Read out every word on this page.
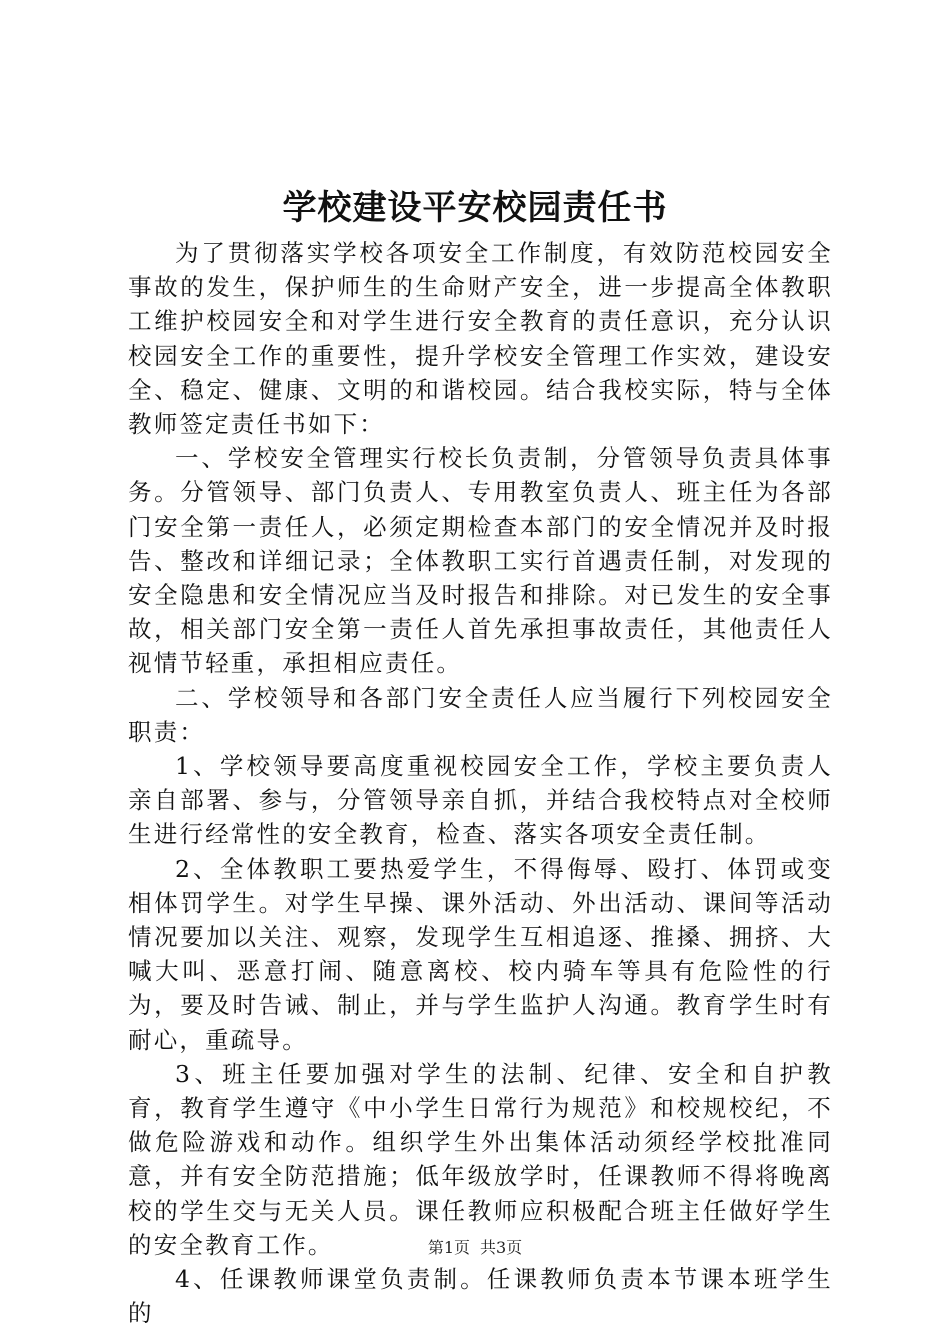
学校建设平安校园责任书

为了贯彻落实学校各项安全工作制度，有效防范校园安全事故的发生，保护师生的生命财产安全，进一步提高全体教职工维护校园安全和对学生进行安全教育的责任意识，充分认识校园安全工作的重要性，提升学校安全管理工作实效，建设安全、稳定、健康、文明的和谐校园。结合我校实际，特与全体教师签定责任书如下：

一、学校安全管理实行校长负责制，分管领导负责具体事务。分管领导、部门负责人、专用教室负责人、班主任为各部门安全第一责任人，必须定期检查本部门的安全情况并及时报告、整改和详细记录；全体教职工实行首遇责任制，对发现的安全隐患和安全情况应当及时报告和排除。对已发生的安全事故，相关部门安全第一责任人首先承担事故责任，其他责任人视情节轻重，承担相应责任。

二、学校领导和各部门安全责任人应当履行下列校园安全职责：

1、学校领导要高度重视校园安全工作，学校主要负责人亲自部署、参与，分管领导亲自抓，并结合我校特点对全校师生进行经常性的安全教育，检查、落实各项安全责任制。

2、全体教职工要热爱学生，不得侮辱、殴打、体罚或变相体罚学生。对学生早操、课外活动、外出活动、课间等活动情况要加以关注、观察，发现学生互相追逐、推搡、拥挤、大喊大叫、恶意打闹、随意离校、校内骑车等具有危险性的行为，要及时告诫、制止，并与学生监护人沟通。教育学生时有耐心，重疏导。

3、班主任要加强对学生的法制、纪律、安全和自护教育，教育学生遵守《中小学生日常行为规范》和校规校纪，不做危险游戏和动作。组织学生外出集体活动须经学校批准同意，并有安全防范措施；低年级放学时，任课教师不得将晚离校的学生交与无关人员。课任教师应积极配合班主任做好学生的安全教育工作。

4、任课教师课堂负责制。任课教师负责本节课本班学生的

第1页 共3页
